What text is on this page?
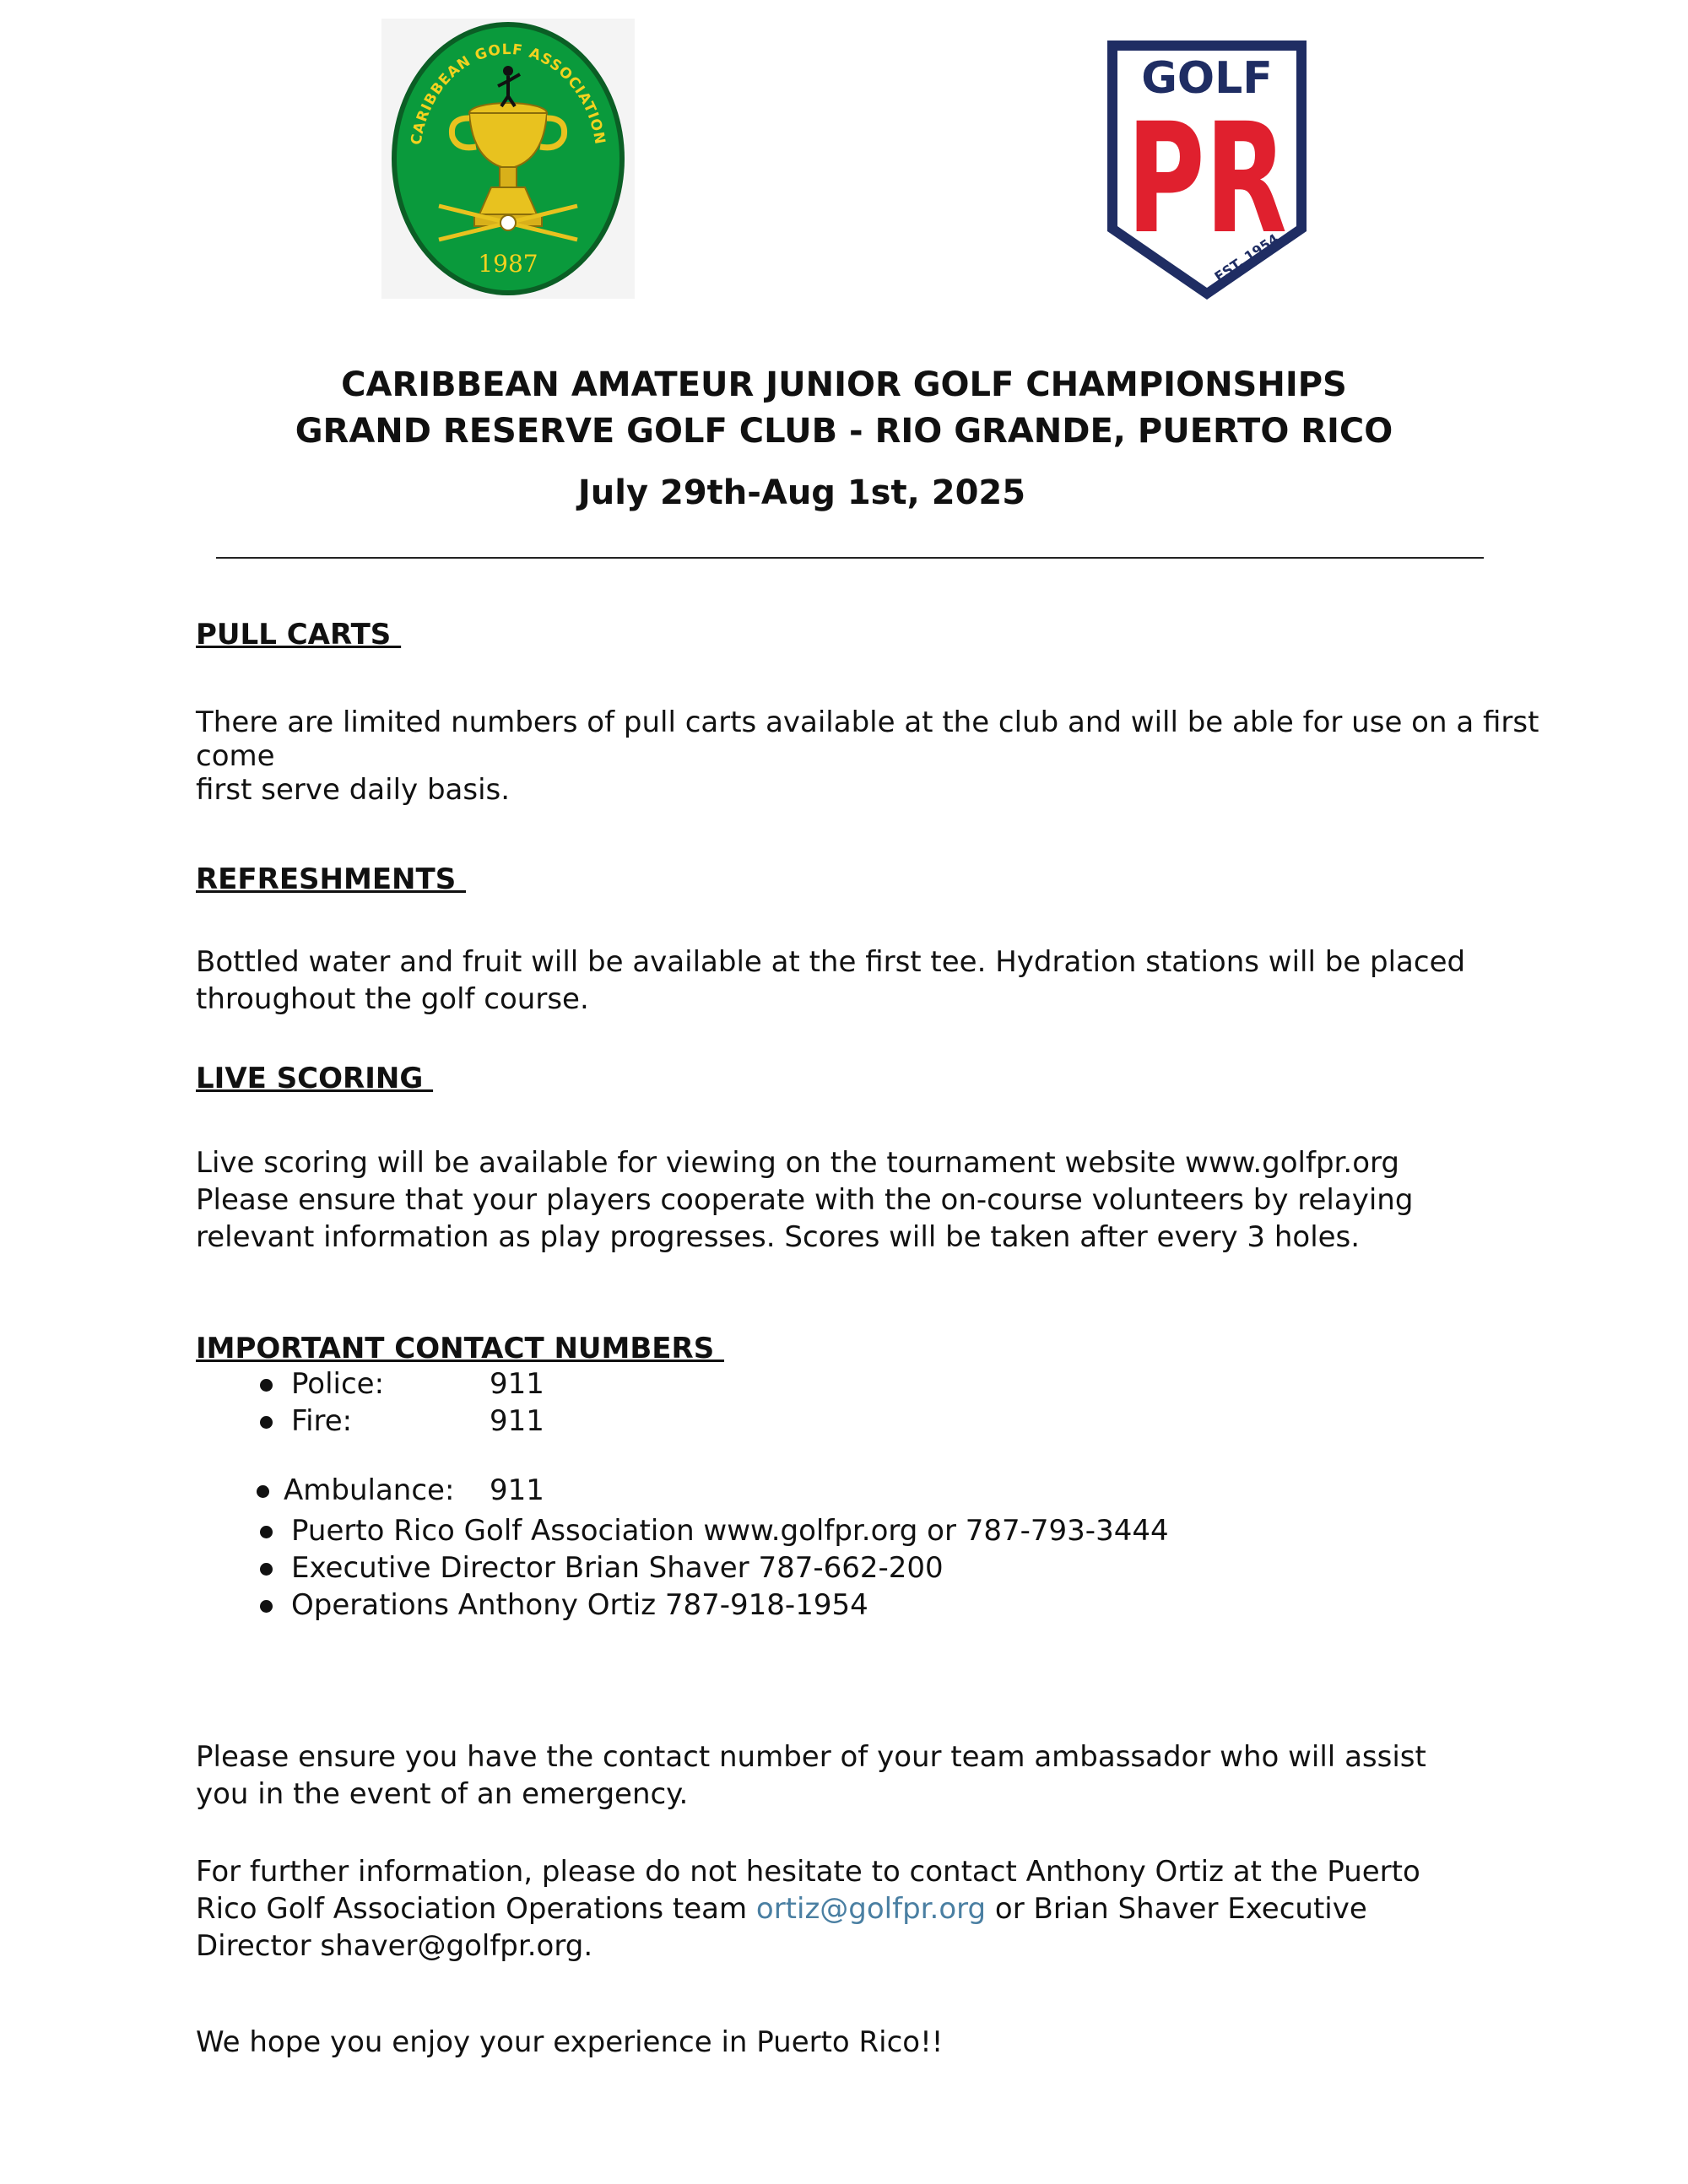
CARIBBEAN GOLF ASSOCIATION
1987
GOLF
PR
EST. 1954
CARIBBEAN AMATEUR JUNIOR GOLF CHAMPIONSHIPS
GRAND RESERVE GOLF CLUB - RIO GRANDE, PUERTO RICO
July 29th-Aug 1st, 2025
PULL CARTS
There are limited numbers of pull carts available at the club and will be able for use on a first come
first serve daily basis.
REFRESHMENTS
Bottled water and fruit will be available at the first tee. Hydration stations will be placed
throughout the golf course.
LIVE SCORING
Live scoring will be available for viewing on the tournament website www.golfpr.org
Please ensure that your players cooperate with the on-course volunteers by relaying
relevant information as play progresses. Scores will be taken after every 3 holes.
IMPORTANT CONTACT NUMBERS
Police:	911
Fire:	911
Ambulance: 911
Puerto Rico Golf Association www.golfpr.org or 787-793-3444
Executive Director Brian Shaver 787-662-200
Operations Anthony Ortiz 787-918-1954
Please ensure you have the contact number of your team ambassador who will assist
you in the event of an emergency.
For further information, please do not hesitate to contact Anthony Ortiz at the Puerto
Rico Golf Association Operations team ortiz@golfpr.org or Brian Shaver Executive
Director shaver@golfpr.org.
We hope you enjoy your experience in Puerto Rico!!
